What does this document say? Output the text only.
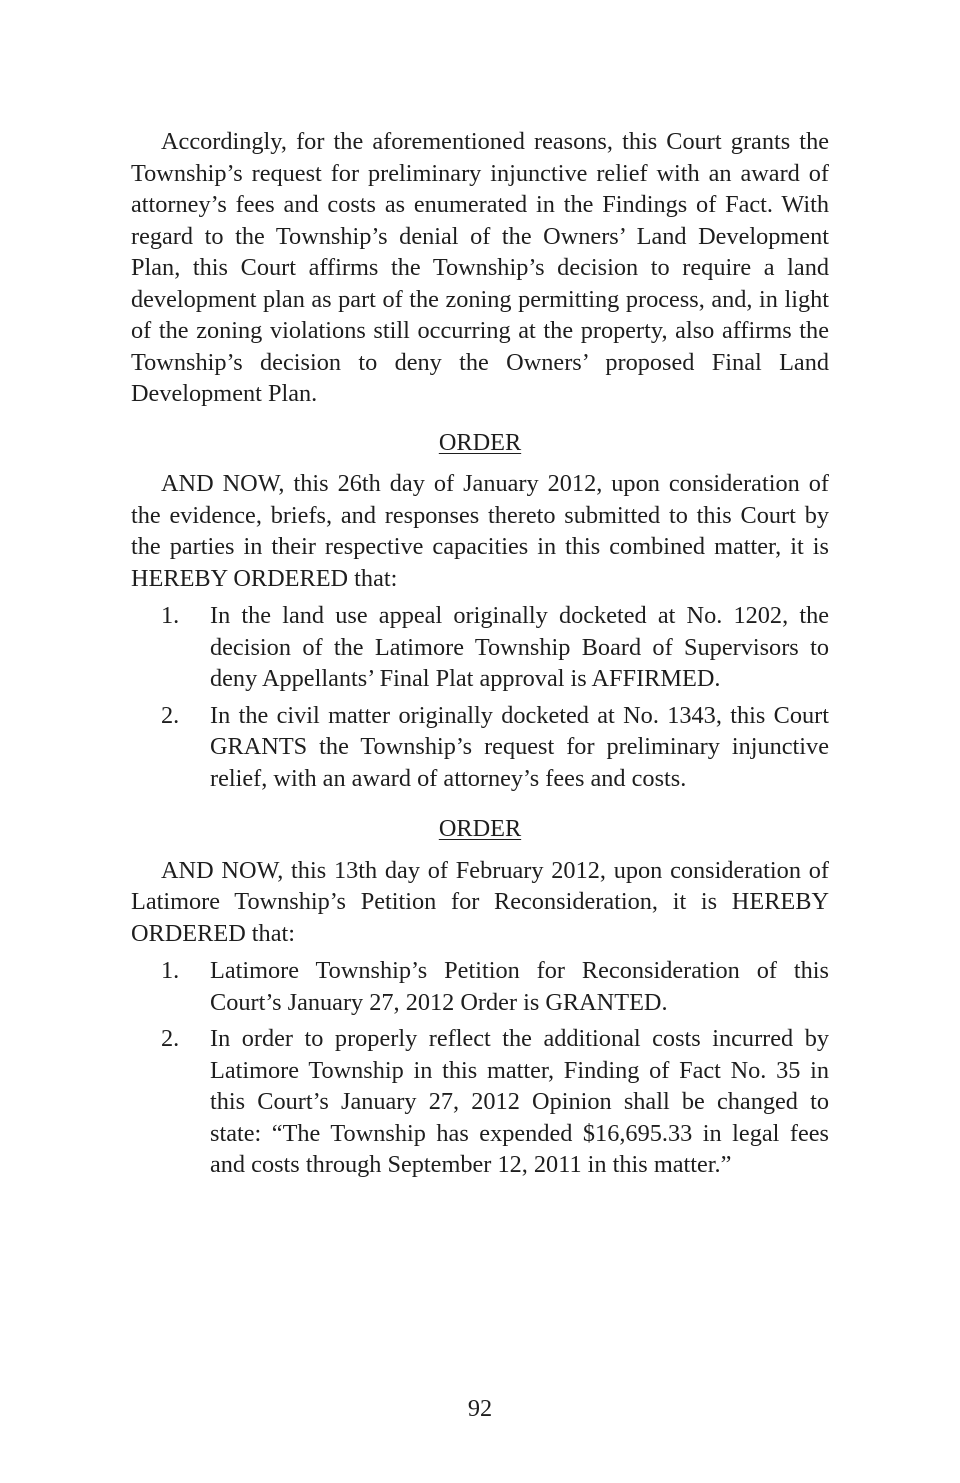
Accordingly, for the aforementioned reasons, this Court grants the Township’s request for preliminary injunctive relief with an award of attorney’s fees and costs as enumerated in the Findings of Fact. With regard to the Township’s denial of the Owners’ Land Development Plan, this Court affirms the Township’s decision to require a land development plan as part of the zoning permitting process, and, in light of the zoning violations still occurring at the property, also affirms the Township’s decision to deny the Owners’ proposed Final Land Development Plan.

ORDER

AND NOW, this 26th day of January 2012, upon consideration of the evidence, briefs, and responses thereto submitted to this Court by the parties in their respective capacities in this combined matter, it is HEREBY ORDERED that:

1.	In the land use appeal originally docketed at No. 1202, the decision of the Latimore Township Board of Supervisors to deny Appellants’ Final Plat approval is AFFIRMED.
2.	In the civil matter originally docketed at No. 1343, this Court GRANTS the Township’s request for preliminary injunctive relief, with an award of attorney’s fees and costs.

ORDER

AND NOW, this 13th day of February 2012, upon consideration of Latimore Township’s Petition for Reconsideration, it is HEREBY ORDERED that:

1.	Latimore Township’s Petition for Reconsideration of this Court’s January 27, 2012 Order is GRANTED.
2.	In order to properly reflect the additional costs incurred by Latimore Township in this matter, Finding of Fact No. 35 in this Court’s January 27, 2012 Opinion shall be changed to state: “The Township has expended $16,695.33 in legal fees and costs through September 12, 2011 in this matter.”
92
